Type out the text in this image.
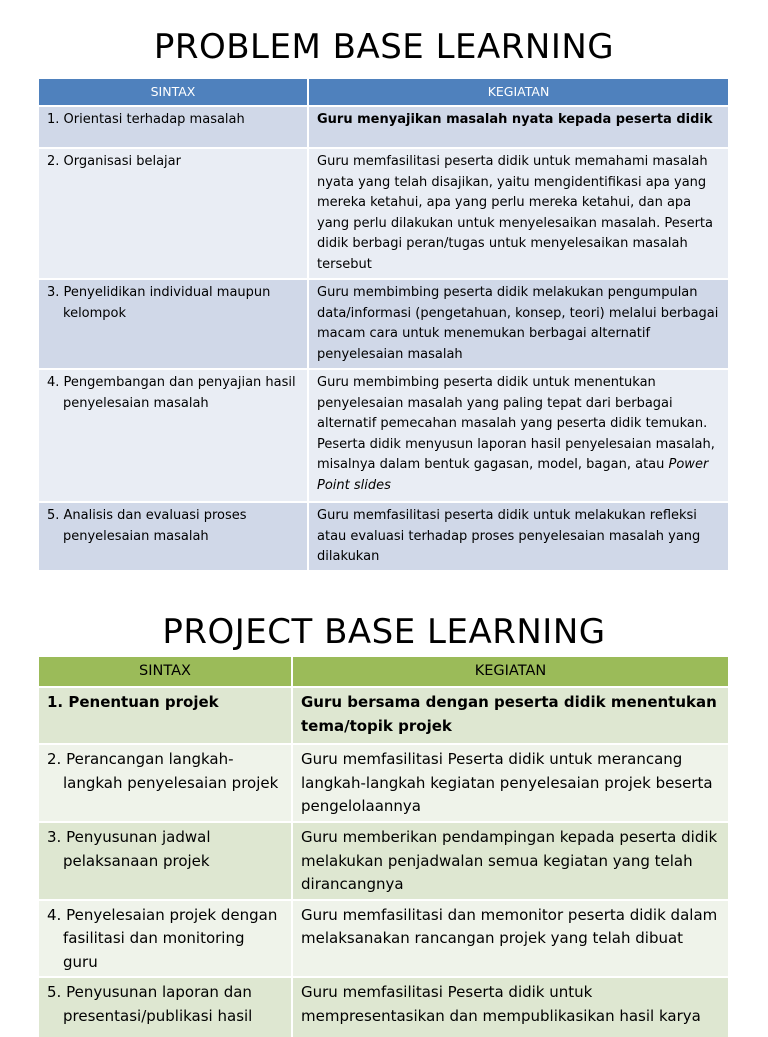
PROBLEM BASE LEARNING
SINTAX	KEGIATAN
1. Orientasi terhadap masalah	Guru menyajikan masalah nyata kepada peserta didik
2. Organisasi belajar	Guru memfasilitasi peserta didik untuk memahami masalah nyata yang telah disajikan, yaitu mengidentifikasi apa yang mereka ketahui, apa yang perlu mereka ketahui, dan apa yang perlu dilakukan untuk menyelesaikan masalah. Peserta didik berbagi peran/tugas untuk menyelesaikan masalah tersebut
3. Penyelidikan individual maupun kelompok	Guru membimbing peserta didik melakukan pengumpulan data/informasi (pengetahuan, konsep, teori) melalui berbagai macam cara untuk menemukan berbagai alternatif penyelesaian masalah
4. Pengembangan dan penyajian hasil penyelesaian masalah	Guru membimbing peserta didik untuk menentukan penyelesaian masalah yang paling tepat dari berbagai alternatif pemecahan masalah yang peserta didik temukan. Peserta didik menyusun laporan hasil penyelesaian masalah, misalnya dalam bentuk gagasan, model, bagan, atau Power Point slides
5. Analisis dan evaluasi proses penyelesaian masalah	Guru memfasilitasi peserta didik untuk melakukan refleksi atau evaluasi terhadap proses penyelesaian masalah yang dilakukan
PROJECT BASE LEARNING
SINTAX	KEGIATAN
1. Penentuan projek	Guru bersama dengan peserta didik menentukan tema/topik projek
2. Perancangan langkah-langkah penyelesaian projek	Guru memfasilitasi Peserta didik untuk merancang langkah-langkah kegiatan penyelesaian projek beserta pengelolaannya
3. Penyusunan jadwal pelaksanaan projek	Guru memberikan pendampingan kepada peserta didik melakukan penjadwalan semua kegiatan yang telah dirancangnya
4. Penyelesaian projek dengan fasilitasi dan monitoring guru	Guru memfasilitasi dan memonitor peserta didik dalam melaksanakan rancangan projek yang telah dibuat
5. Penyusunan laporan dan presentasi/publikasi hasil	Guru memfasilitasi Peserta didik untuk mempresentasikan dan mempublikasikan hasil karya
